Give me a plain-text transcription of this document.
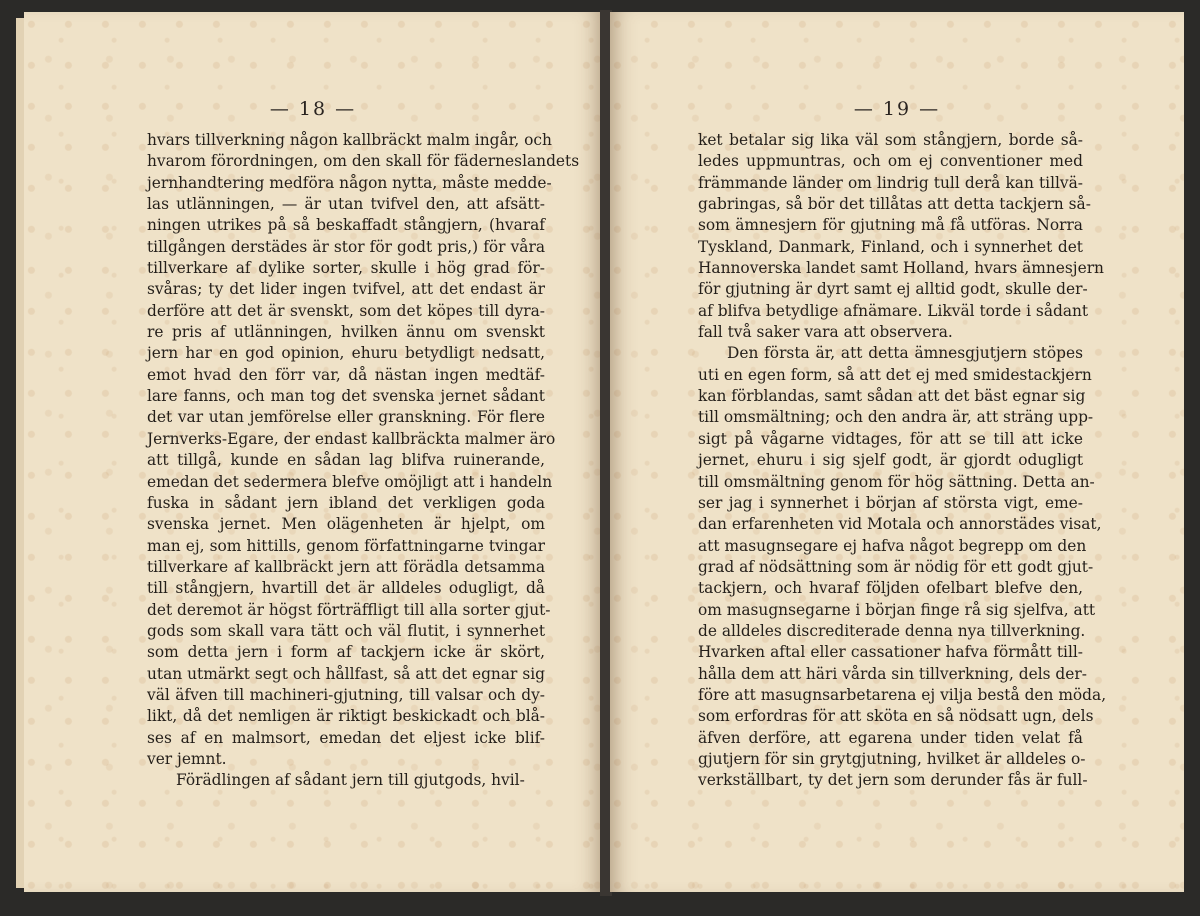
— 18 —
hvars tillverkning någon kallbräckt malm ingår, och
hvarom förordningen, om den skall för fäderneslandets
jernhandtering medföra någon nytta, måste medde-
las utlänningen, — är utan tvifvel den, att afsätt-
ningen utrikes på så beskaffadt stångjern, (hvaraf
tillgången derstädes är stor för godt pris,) för våra
tillverkare af dylike sorter, skulle i hög grad för-
svåras; ty det lider ingen tvifvel, att det endast är
derföre att det är svenskt, som det köpes till dyra-
re pris af utlänningen, hvilken ännu om svenskt
jern har en god opinion, ehuru betydligt nedsatt,
emot hvad den förr var, då nästan ingen medtäf-
lare fanns, och man tog det svenska jernet sådant
det var utan jemförelse eller granskning. För flere
Jernverks-Egare, der endast kallbräckta malmer äro
att tillgå, kunde en sådan lag blifva ruinerande,
emedan det sedermera blefve omöjligt att i handeln
fuska in sådant jern ibland det verkligen goda
svenska jernet. Men olägenheten är hjelpt, om
man ej, som hittills, genom författningarne tvingar
tillverkare af kallbräckt jern att förädla detsamma
till stångjern, hvartill det är alldeles odugligt, då
det deremot är högst förträffligt till alla sorter gjut-
gods som skall vara tätt och väl flutit, i synnerhet
som detta jern i form af tackjern icke är skört,
utan utmärkt segt och hållfast, så att det egnar sig
väl äfven till machineri-gjutning, till valsar och dy-
likt, då det nemligen är riktigt beskickadt och blå-
ses af en malmsort, emedan det eljest icke blif-
ver jemnt.
Förädlingen af sådant jern till gjutgods, hvil-
— 19 —
ket betalar sig lika väl som stångjern, borde så-
ledes uppmuntras, och om ej conventioner med
främmande länder om lindrig tull derå kan tillvä-
gabringas, så bör det tillåtas att detta tackjern så-
som ämnesjern för gjutning må få utföras. Norra
Tyskland, Danmark, Finland, och i synnerhet det
Hannoverska landet samt Holland, hvars ämnesjern
för gjutning är dyrt samt ej alltid godt, skulle der-
af blifva betydlige afnämare. Likväl torde i sådant
fall två saker vara att observera.
Den första är, att detta ämnesgjutjern stöpes
uti en egen form, så att det ej med smidestackjern
kan förblandas, samt sådan att det bäst egnar sig
till omsmältning; och den andra är, att sträng upp-
sigt på vågarne vidtages, för att se till att icke
jernet, ehuru i sig sjelf godt, är gjordt odugligt
till omsmältning genom för hög sättning. Detta an-
ser jag i synnerhet i början af största vigt, eme-
dan erfarenheten vid Motala och annorstädes visat,
att masugnsegare ej hafva något begrepp om den
grad af nödsättning som är nödig för ett godt gjut-
tackjern, och hvaraf följden ofelbart blefve den,
om masugnsegarne i början finge rå sig sjelfva, att
de alldeles discrediterade denna nya tillverkning.
Hvarken aftal eller cassationer hafva förmått till-
hålla dem att häri vårda sin tillverkning, dels der-
före att masugnsarbetarena ej vilja bestå den möda,
som erfordras för att sköta en så nödsatt ugn, dels
äfven derföre, att egarena under tiden velat få
gjutjern för sin grytgjutning, hvilket är alldeles o-
verkställbart, ty det jern som derunder fås är full-
